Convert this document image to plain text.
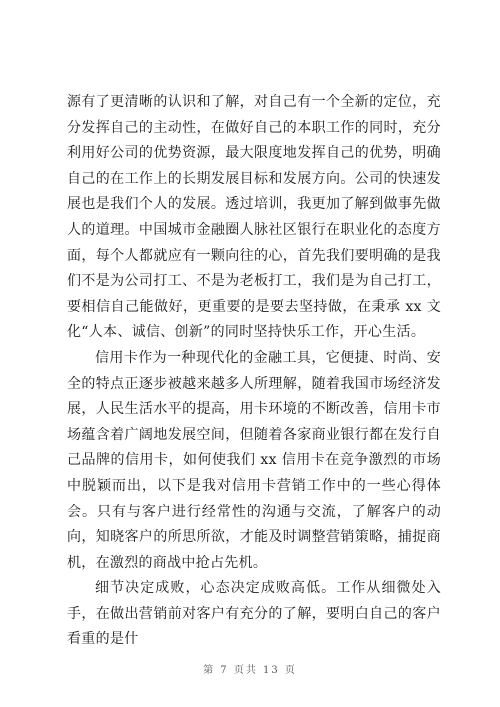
源有了更清晰的认识和了解，对自己有一个全新的定位，充分发挥自己的主动性，在做好自己的本职工作的同时，充分利用好公司的优势资源，最大限度地发挥自己的优势，明确自己的在工作上的长期发展目标和发展方向。公司的快速发展也是我们个人的发展。透过培训，我更加了解到做事先做人的道理。中国城市金融圈人脉社区银行在职业化的态度方面，每个人都就应有一颗向往的心，首先我们要明确的是我们不是为公司打工、不是为老板打工，我们是为自己打工，要相信自己能做好，更重要的是要去坚持做，在秉承 xx 文化“人本、诚信、创新”的同时坚持快乐工作，开心生活。

信用卡作为一种现代化的金融工具，它便捷、时尚、安全的特点正逐步被越来越多人所理解，随着我国市场经济发展，人民生活水平的提高，用卡环境的不断改善，信用卡市场蕴含着广阔地发展空间，但随着各家商业银行都在发行自己品牌的信用卡，如何使我们 xx 信用卡在竞争激烈的市场中脱颖而出，以下是我对信用卡营销工作中的一些心得体会。只有与客户进行经常性的沟通与交流，了解客户的动向，知晓客户的所思所欲，才能及时调整营销策略，捕捉商机，在激烈的商战中抢占先机。

细节决定成败，心态决定成败高低。工作从细微处入手，在做出营销前对客户有充分的了解，要明白自己的客户看重的是什

第 7 页共 13 页
